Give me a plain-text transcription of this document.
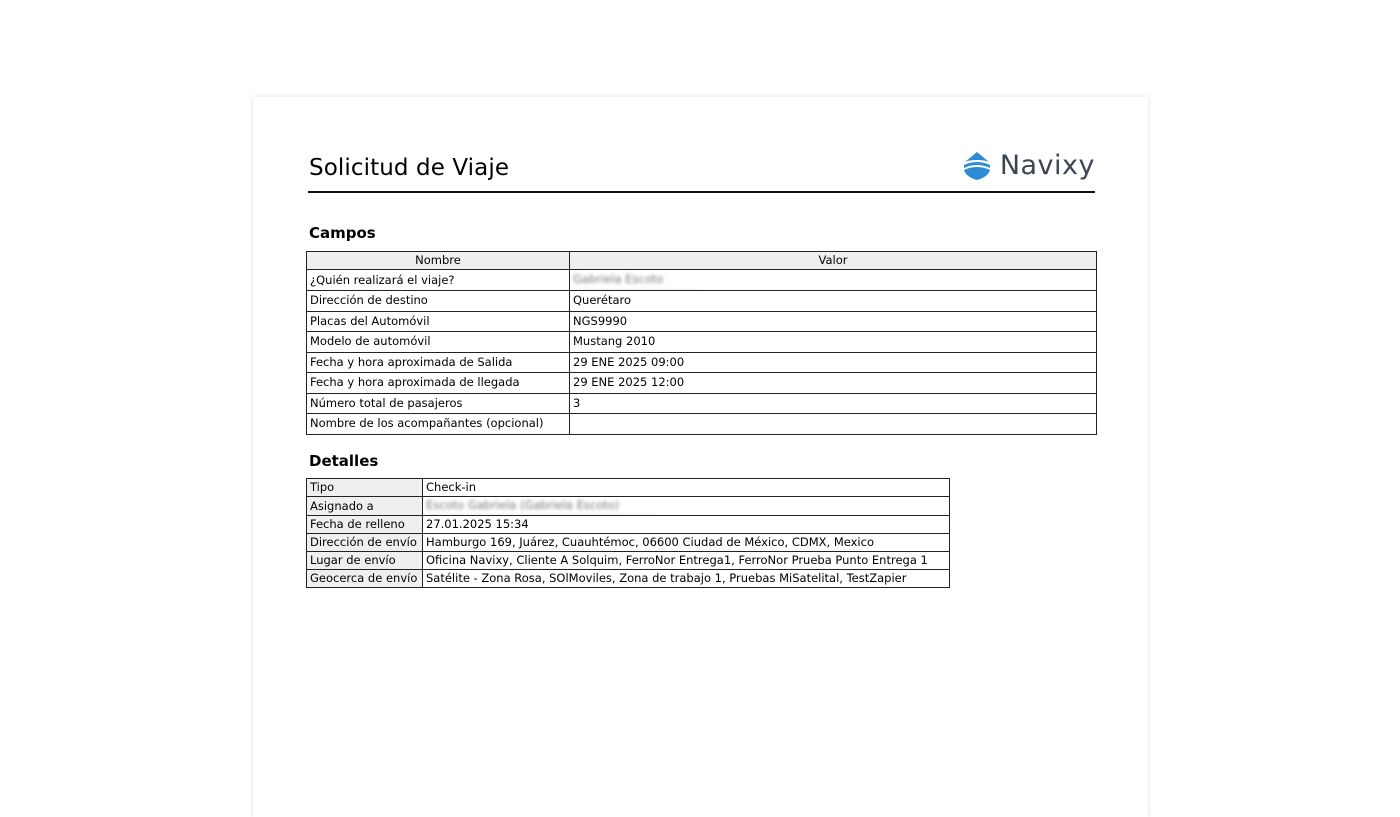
Solicitud de Viaje	Navixy
Campos
Nombre	Valor
¿Quién realizará el viaje?	Gabriela Escoto
Dirección de destino	Querétaro
Placas del Automóvil	NGS9990
Modelo de automóvil	Mustang 2010
Fecha y hora aproximada de Salida	29 ENE 2025 09:00
Fecha y hora aproximada de llegada	29 ENE 2025 12:00
Número total de pasajeros	3
Nombre de los acompañantes (opcional)	
Detalles
Tipo	Check-in
Asignado a	Escoto Gabriela (Gabriela Escoto)
Fecha de relleno	27.01.2025 15:34
Dirección de envío	Hamburgo 169, Juárez, Cuauhtémoc, 06600 Ciudad de México, CDMX, Mexico
Lugar de envío	Oficina Navixy, Cliente A Solquim, FerroNor Entrega1, FerroNor Prueba Punto Entrega 1
Geocerca de envío	Satélite - Zona Rosa, SOlMoviles, Zona de trabajo 1, Pruebas MiSatelital, TestZapier
